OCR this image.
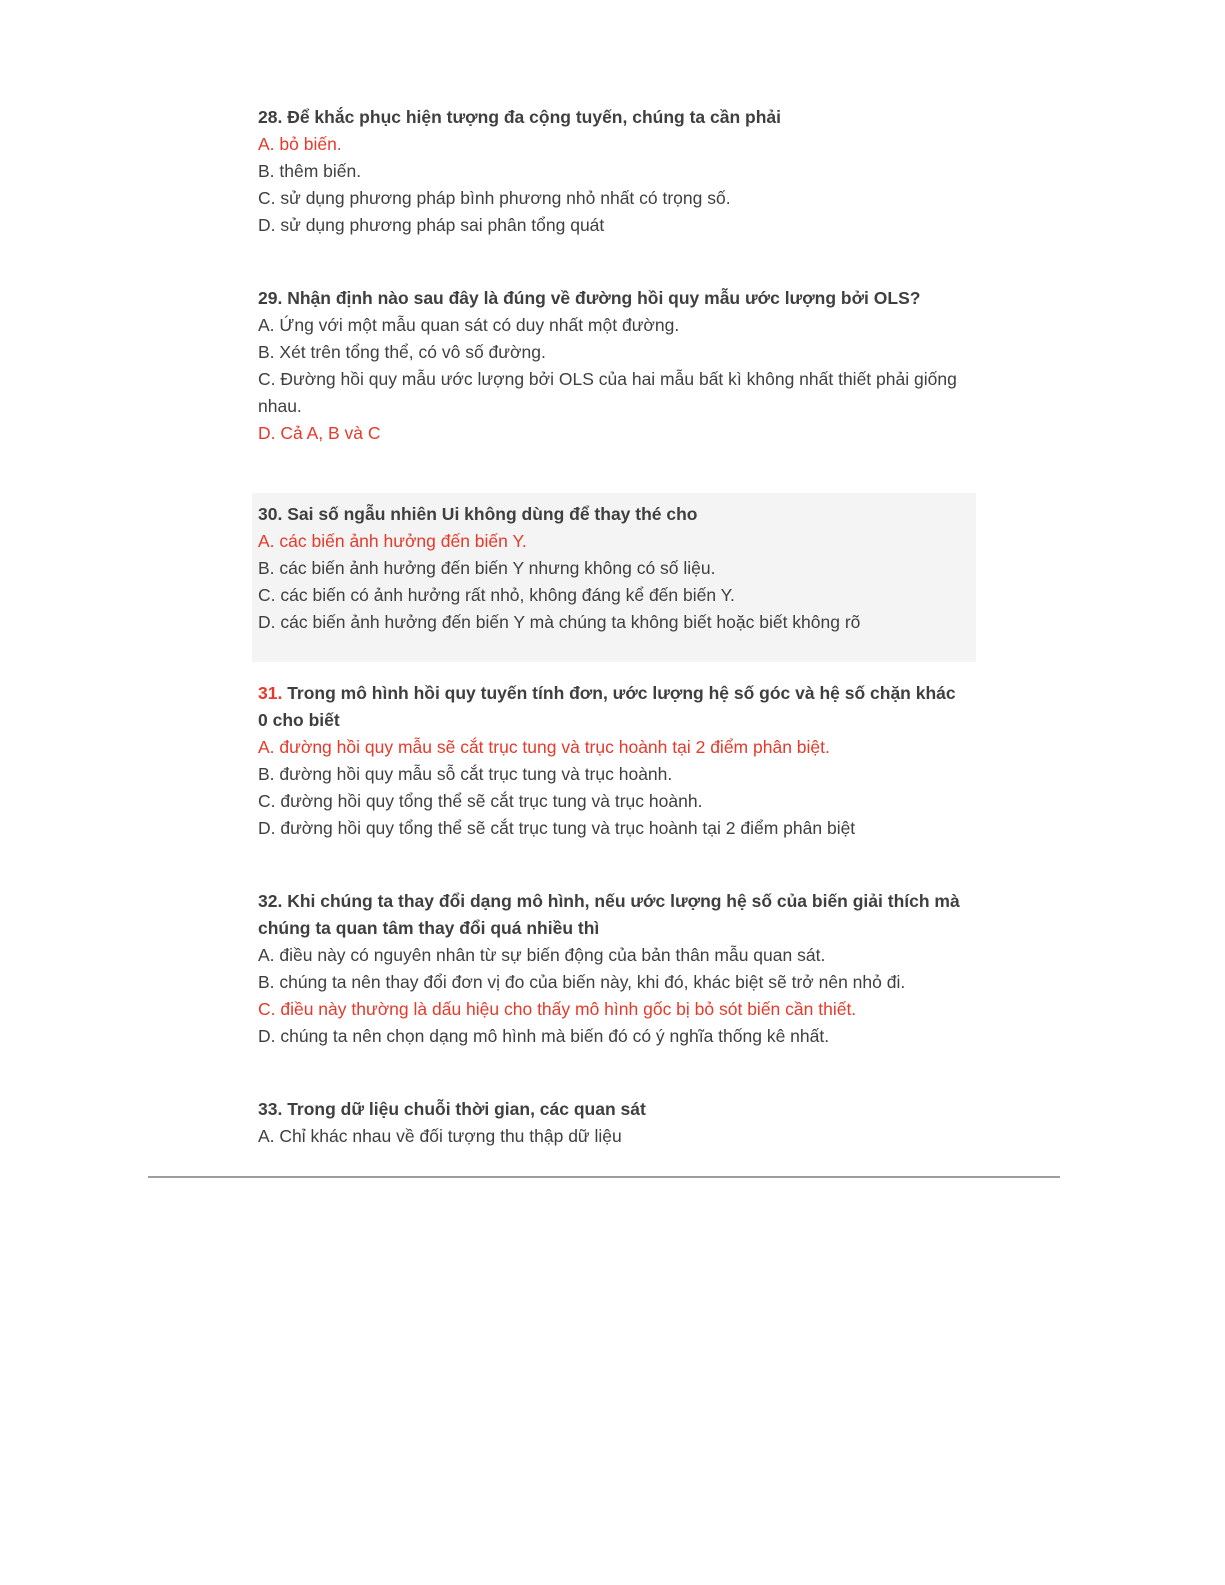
28. Để khắc phục hiện tượng đa cộng tuyến, chúng ta cần phải

A. bỏ biến.

B. thêm biến.

C. sử dụng phương pháp bình phương nhỏ nhất có trọng số.

D. sử dụng phương pháp sai phân tổng quát

29. Nhận định nào sau đây là đúng về đường hồi quy mẫu ước lượng bởi OLS?

A. Ứng với một mẫu quan sát có duy nhất một đường.

B. Xét trên tổng thể, có vô số đường.

C. Đường hồi quy mẫu ước lượng bởi OLS của hai mẫu bất kì không nhất thiết phải giống nhau.

D. Cả A, B và C

30. Sai số ngẫu nhiên Ui không dùng để thay thé cho

A. các biến ảnh hưởng đến biến Y.

B. các biến ảnh hưởng đến biến Y nhưng không có số liệu.

C. các biến có ảnh hưởng rất nhỏ, không đáng kể đến biến Y.

D. các biến ảnh hưởng đến biến Y mà chúng ta không biết hoặc biết không rõ

31. Trong mô hình hồi quy tuyến tính đơn, ước lượng hệ số góc và hệ số chặn khác 0 cho biết

A. đường hồi quy mẫu sẽ cắt trục tung và trục hoành tại 2 điểm phân biệt.

B. đường hồi quy mẫu sỗ cắt trục tung và trục hoành.

C. đường hồi quy tổng thể sẽ cắt trục tung và trục hoành.

D. đường hồi quy tổng thể sẽ cắt trục tung và trục hoành tại 2 điểm phân biệt

32. Khi chúng ta thay đổi dạng mô hình, nếu ước lượng hệ số của biến giải thích mà chúng ta quan tâm thay đổi quá nhiều thì

A. điều này có nguyên nhân từ sự biến động của bản thân mẫu quan sát.

B. chúng ta nên thay đổi đơn vị đo của biến này, khi đó, khác biệt sẽ trở nên nhỏ đi.

C. điều này thường là dấu hiệu cho thấy mô hình gốc bị bỏ sót biến cần thiết.

D. chúng ta nên chọn dạng mô hình mà biến đó có ý nghĩa thống kê nhất.

33. Trong dữ liệu chuỗi thời gian, các quan sát

A. Chỉ khác nhau về đối tượng thu thập dữ liệu
